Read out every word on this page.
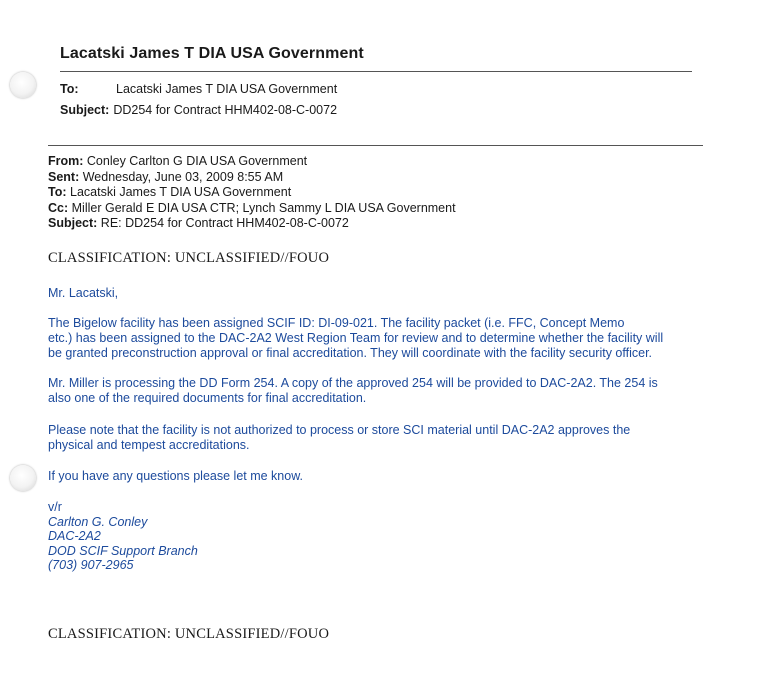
Lacatski James T DIA USA Government
To:	Lacatski James T DIA USA Government
Subject: DD254 for Contract HHM402-08-C-0072
From: Conley Carlton G DIA USA Government
Sent: Wednesday, June 03, 2009 8:55 AM
To: Lacatski James T DIA USA Government
Cc: Miller Gerald E DIA USA CTR; Lynch Sammy L DIA USA Government
Subject: RE: DD254 for Contract HHM402-08-C-0072
CLASSIFICATION: UNCLASSIFIED//FOUO
Mr. Lacatski,
The Bigelow facility has been assigned SCIF ID: DI-09-021. The facility packet (i.e. FFC, Concept Memo
etc.) has been assigned to the DAC-2A2 West Region Team for review and to determine whether the facility will
be granted preconstruction approval or final accreditation. They will coordinate with the facility security officer.
Mr. Miller is processing the DD Form 254. A copy of the approved 254 will be provided to DAC-2A2. The 254 is
also one of the required documents for final accreditation.
Please note that the facility is not authorized to process or store SCI material until DAC-2A2 approves the
physical and tempest accreditations.
If you have any questions please let me know.
v/r
Carlton G. Conley
DAC-2A2
DOD SCIF Support Branch
(703) 907-2965
CLASSIFICATION: UNCLASSIFIED//FOUO
